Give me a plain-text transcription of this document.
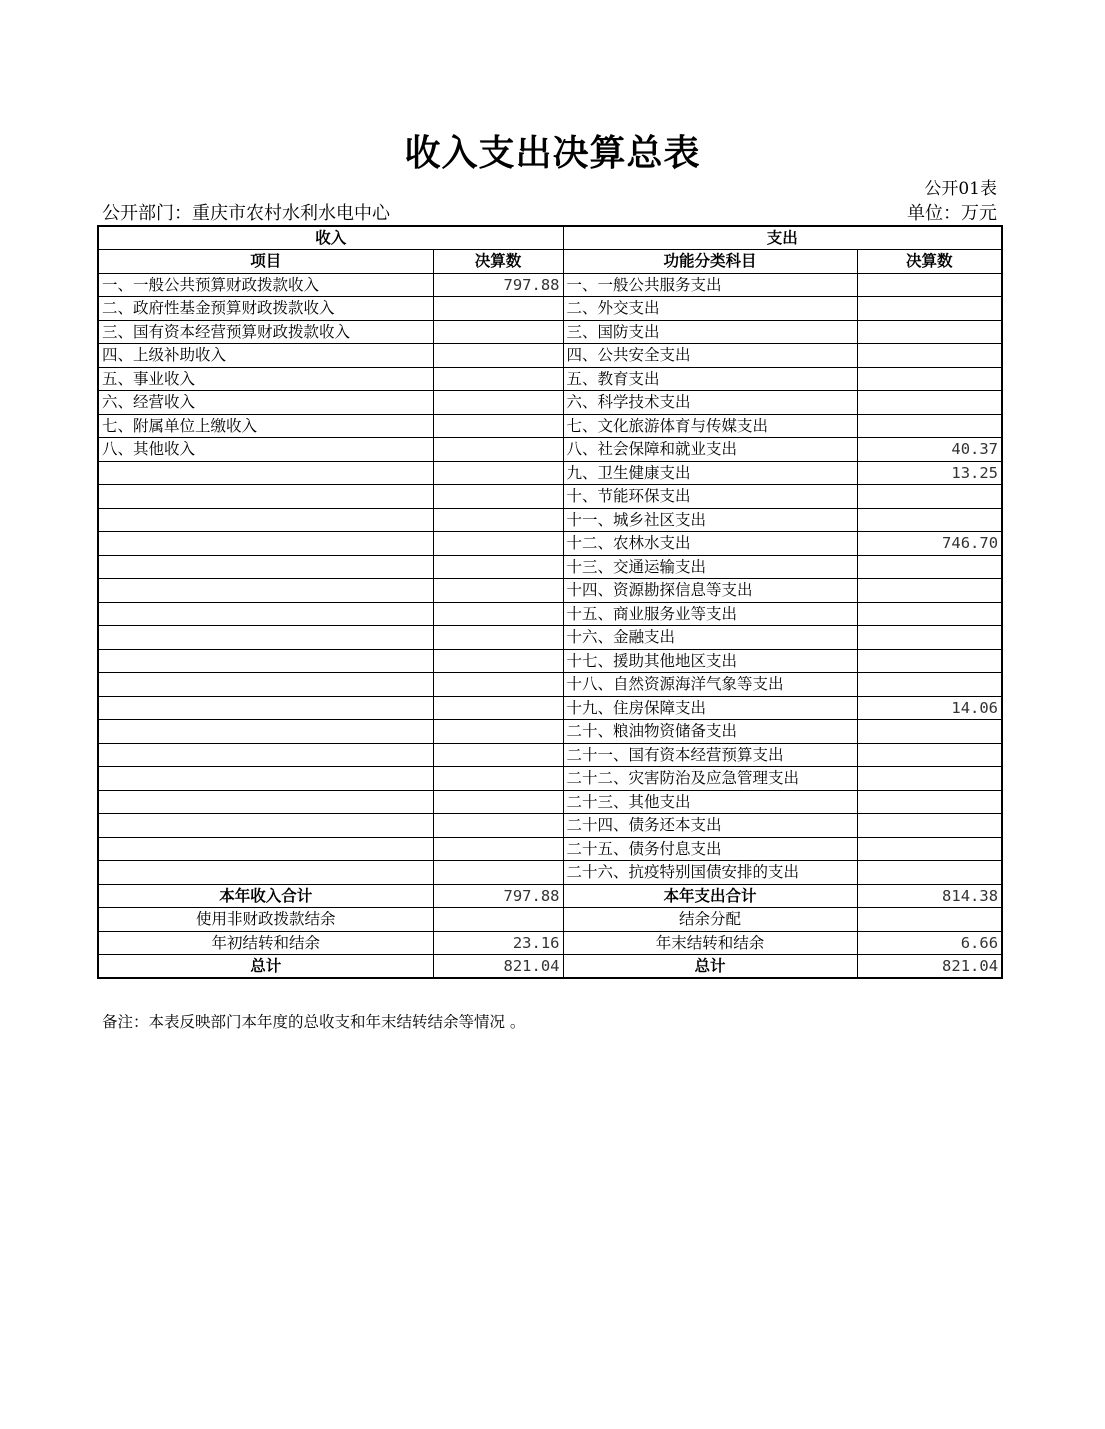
收入支出决算总表
公开01表
公开部门：重庆市农村水利水电中心	单位：万元
收入		支出	
项目	决算数	功能分类科目	决算数
一、一般公共预算财政拨款收入	797.88	一、一般公共服务支出	
二、政府性基金预算财政拨款收入		二、外交支出	
三、国有资本经营预算财政拨款收入		三、国防支出	
四、上级补助收入		四、公共安全支出	
五、事业收入		五、教育支出	
六、经营收入		六、科学技术支出	
七、附属单位上缴收入		七、文化旅游体育与传媒支出	
八、其他收入		八、社会保障和就业支出	40.37
		九、卫生健康支出	13.25
		十、节能环保支出	
		十一、城乡社区支出	
		十二、农林水支出	746.70
		十三、交通运输支出	
		十四、资源勘探信息等支出	
		十五、商业服务业等支出	
		十六、金融支出	
		十七、援助其他地区支出	
		十八、自然资源海洋气象等支出	
		十九、住房保障支出	14.06
		二十、粮油物资储备支出	
		二十一、国有资本经营预算支出	
		二十二、灾害防治及应急管理支出	
		二十三、其他支出	
		二十四、债务还本支出	
		二十五、债务付息支出	
		二十六、抗疫特别国债安排的支出	
本年收入合计	797.88	本年支出合计	814.38
使用非财政拨款结余		结余分配	
年初结转和结余	23.16	年末结转和结余	6.66
总计	821.04	总计	821.04
备注：本表反映部门本年度的总收支和年末结转结余等情况 。
